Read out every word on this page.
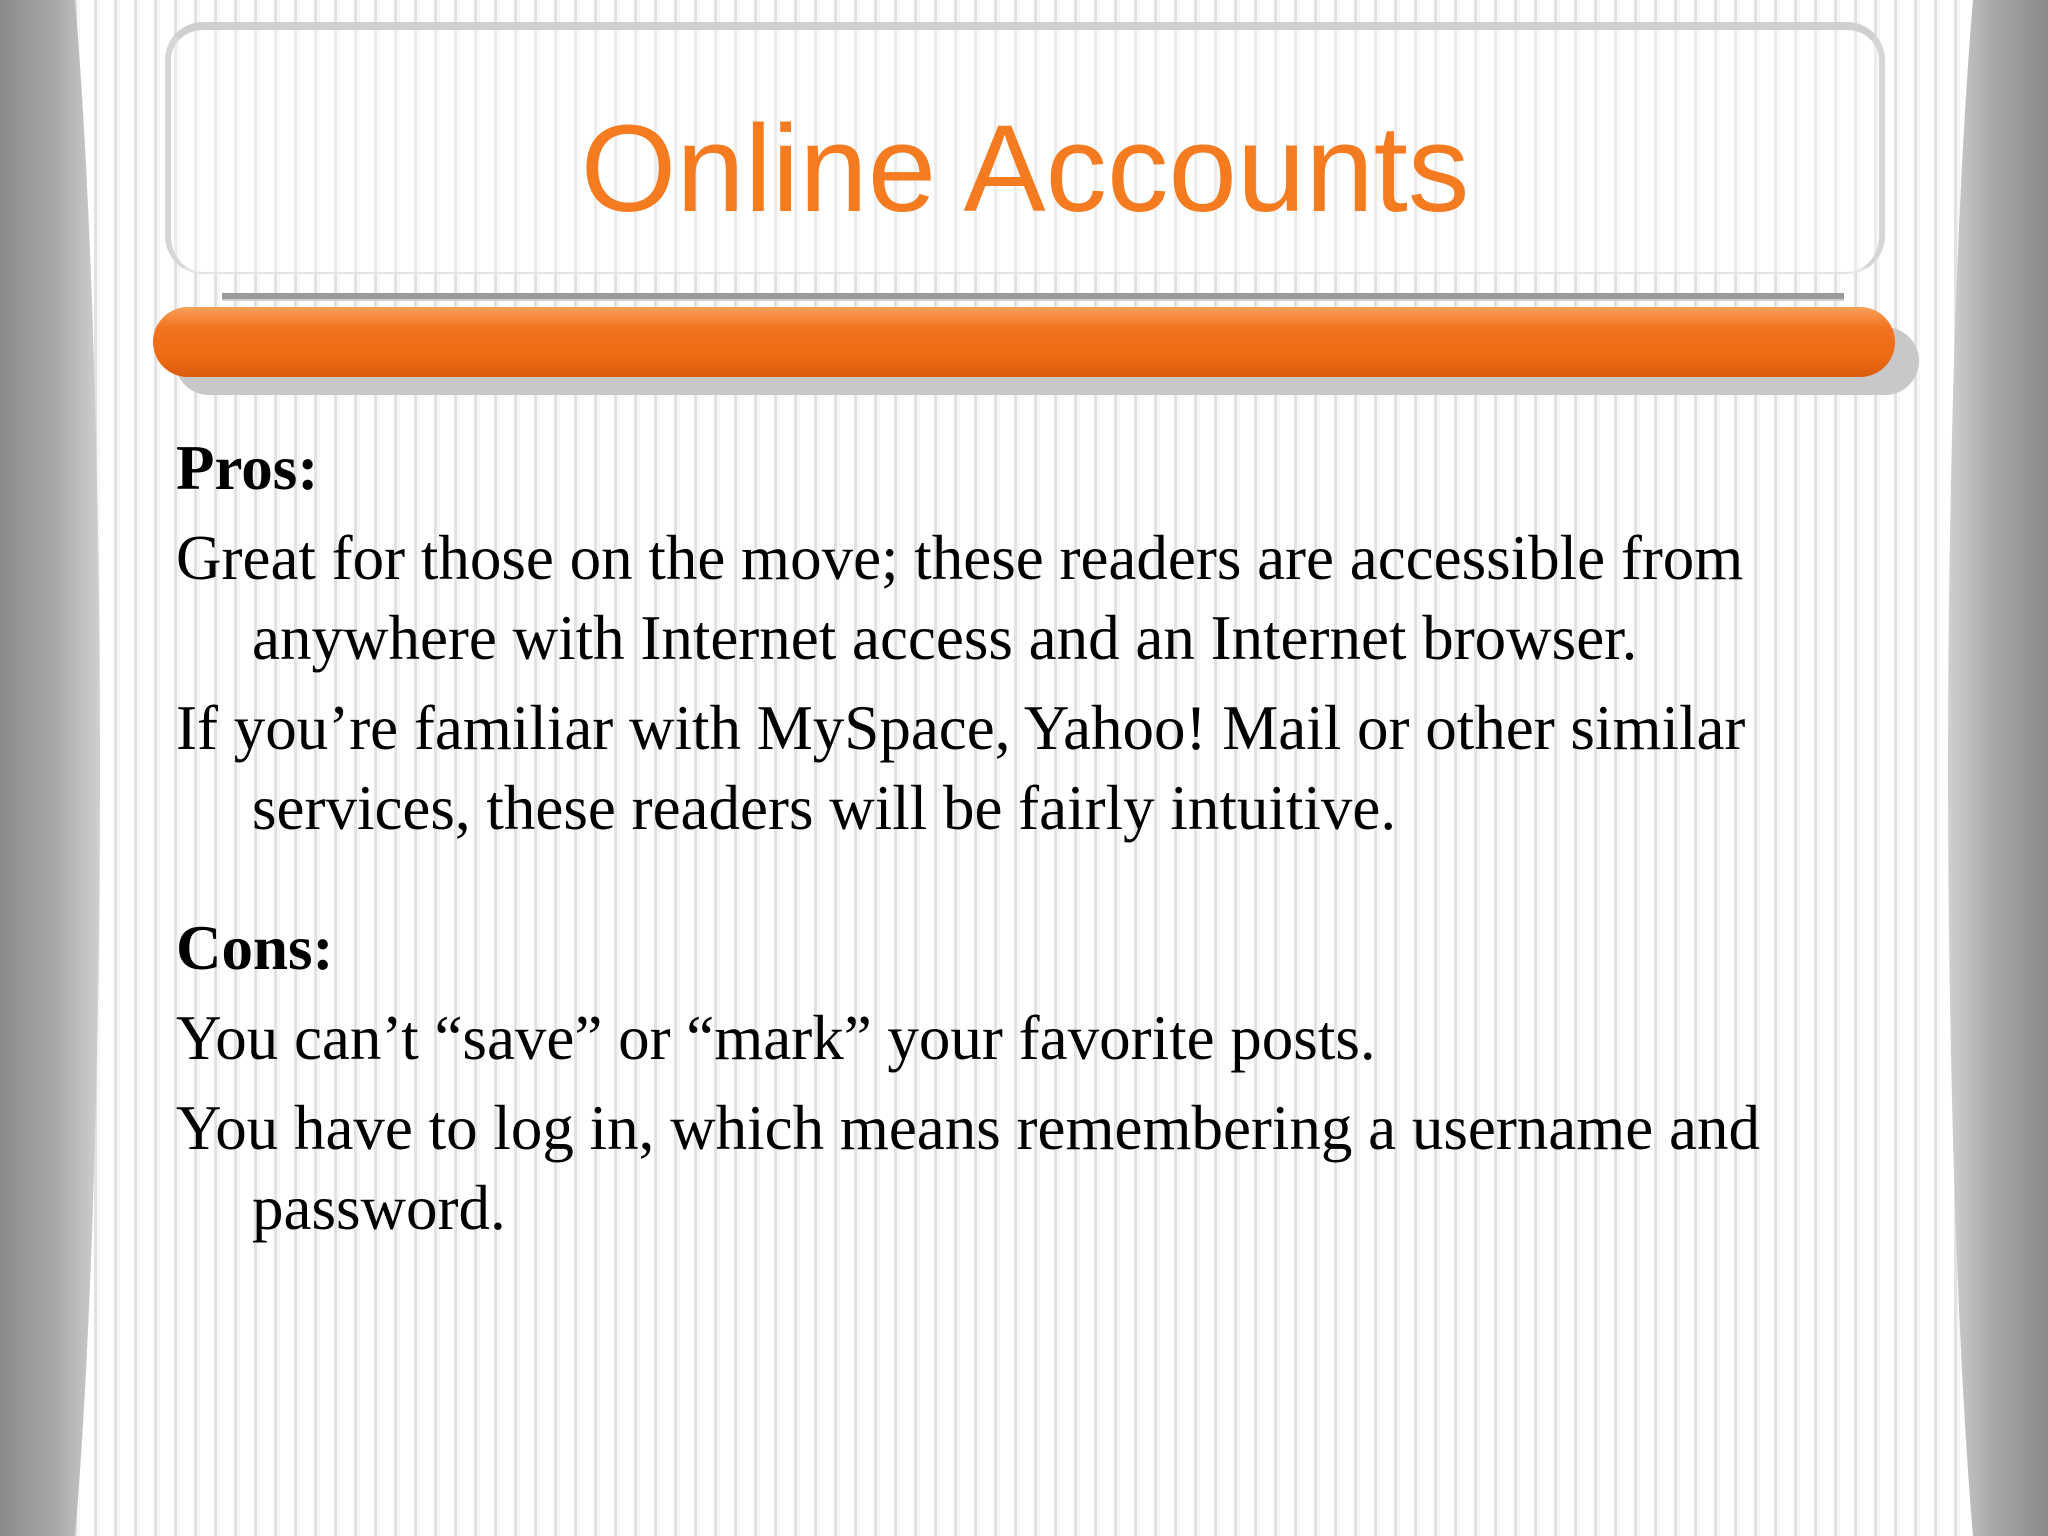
Online Accounts
Pros:
Great for those on the move; these readers are accessible from anywhere with Internet access and an Internet browser.
If you’re familiar with MySpace, Yahoo! Mail or other similar services, these readers will be fairly intuitive.
Cons:
You can’t “save” or “mark” your favorite posts.
You have to log in, which means remembering a username and password.
